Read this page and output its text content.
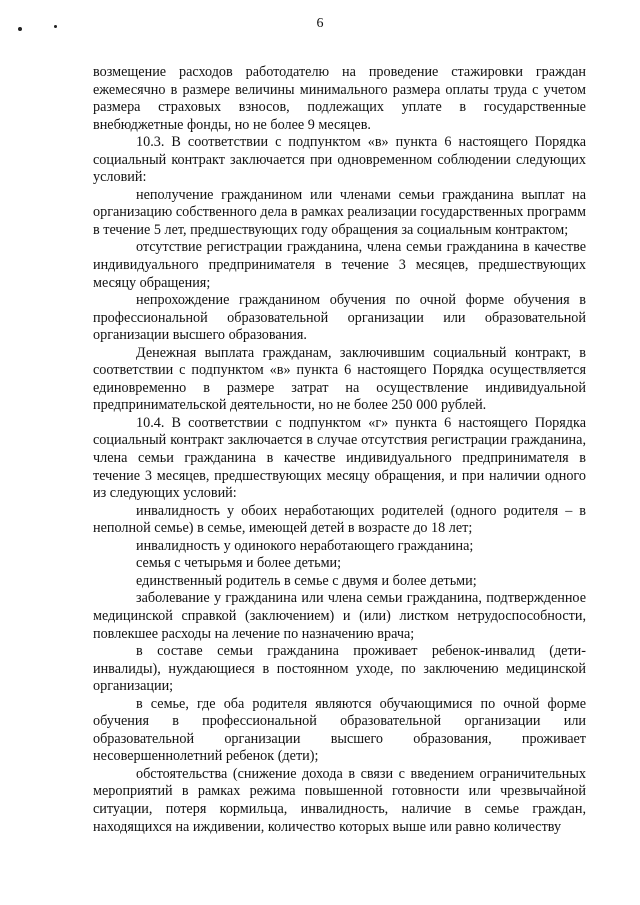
6

возмещение расходов работодателю на проведение стажировки граждан ежемесячно в размере величины минимального размера оплаты труда с учетом размера страховых взносов, подлежащих уплате в государственные внебюджетные фонды, но не более 9 месяцев.

10.3. В соответствии с подпунктом «в» пункта 6 настоящего Порядка социальный контракт заключается при одновременном соблюдении следующих условий:

неполучение гражданином или членами семьи гражданина выплат на организацию собственного дела в рамках реализации государственных программ в течение 5 лет, предшествующих году обращения за социальным контрактом;

отсутствие регистрации гражданина, члена семьи гражданина в качестве индивидуального предпринимателя в течение 3 месяцев, предшествующих месяцу обращения;

непрохождение гражданином обучения по очной форме обучения в профессиональной образовательной организации или образовательной организации высшего образования.

Денежная выплата гражданам, заключившим социальный контракт, в соответствии с подпунктом «в» пункта 6 настоящего Порядка осуществляется единовременно в размере затрат на осуществление индивидуальной предпринимательской деятельности, но не более 250 000 рублей.

10.4. В соответствии с подпунктом «г» пункта 6 настоящего Порядка социальный контракт заключается в случае отсутствия регистрации гражданина, члена семьи гражданина в качестве индивидуального предпринимателя в течение 3 месяцев, предшествующих месяцу обращения, и при наличии одного из следующих условий:

инвалидность у обоих неработающих родителей (одного родителя – в неполной семье) в семье, имеющей детей в возрасте до 18 лет;

инвалидность у одинокого неработающего гражданина;

семья с четырьмя и более детьми;

единственный родитель в семье с двумя и более детьми;

заболевание у гражданина или члена семьи гражданина, подтвержденное медицинской справкой (заключением) и (или) листком нетрудоспособности, повлекшее расходы на лечение по назначению врача;

в составе семьи гражданина проживает ребенок-инвалид (дети-инвалиды), нуждающиеся в постоянном уходе, по заключению медицинской организации;

в семье, где оба родителя являются обучающимися по очной форме обучения в профессиональной образовательной организации или образовательной организации высшего образования, проживает несовершеннолетний ребенок (дети);

обстоятельства (снижение дохода в связи с введением ограничительных мероприятий в рамках режима повышенной готовности или чрезвычайной ситуации, потеря кормильца, инвалидность, наличие в семье граждан, находящихся на иждивении, количество которых выше или равно количеству
